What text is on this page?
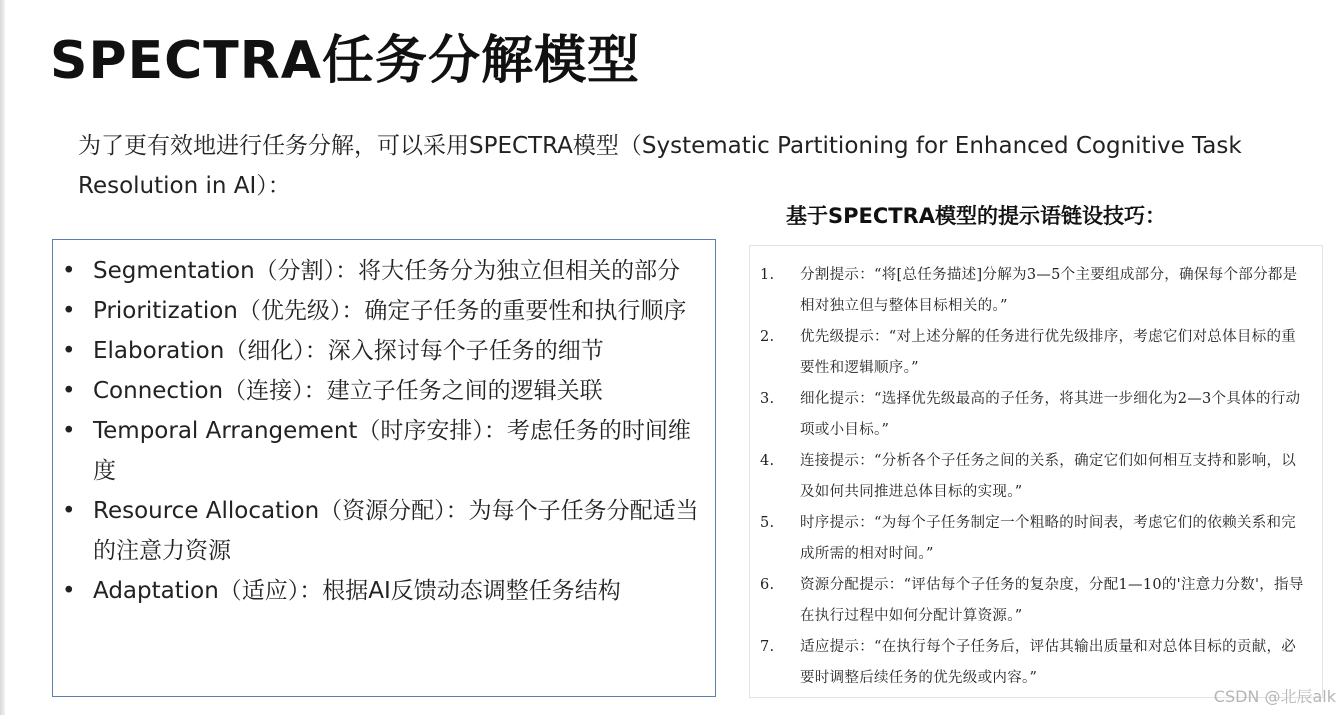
SPECTRA任务分解模型
为了更有效地进行任务分解，可以采用SPECTRA模型（Systematic Partitioning for Enhanced Cognitive Task Resolution in AI）：
基于SPECTRA模型的提示语链设技巧：
• Segmentation（分割）：将大任务分为独立但相关的部分
• Prioritization（优先级）：确定子任务的重要性和执行顺序
• Elaboration（细化）：深入探讨每个子任务的细节
• Connection（连接）：建立子任务之间的逻辑关联
• Temporal Arrangement（时序安排）：考虑任务的时间维度
• Resource Allocation（资源分配）：为每个子任务分配适当的注意力资源
• Adaptation（适应）：根据AI反馈动态调整任务结构
1. 分割提示：“将[总任务描述]分解为3—5个主要组成部分，确保每个部分都是相对独立但与整体目标相关的。”
2. 优先级提示：“对上述分解的任务进行优先级排序，考虑它们对总体目标的重要性和逻辑顺序。”
3. 细化提示：“选择优先级最高的子任务，将其进一步细化为2—3个具体的行动项或小目标。”
4. 连接提示：“分析各个子任务之间的关系，确定它们如何相互支持和影响，以及如何共同推进总体目标的实现。”
5. 时序提示：“为每个子任务制定一个粗略的时间表，考虑它们的依赖关系和完成所需的相对时间。”
6. 资源分配提示：“评估每个子任务的复杂度，分配1—10的'注意力分数'，指导在执行过程中如何分配计算资源。”
7. 适应提示：“在执行每个子任务后，评估其输出质量和对总体目标的贡献，必要时调整后续任务的优先级或内容。”
CSDN @北辰alk
